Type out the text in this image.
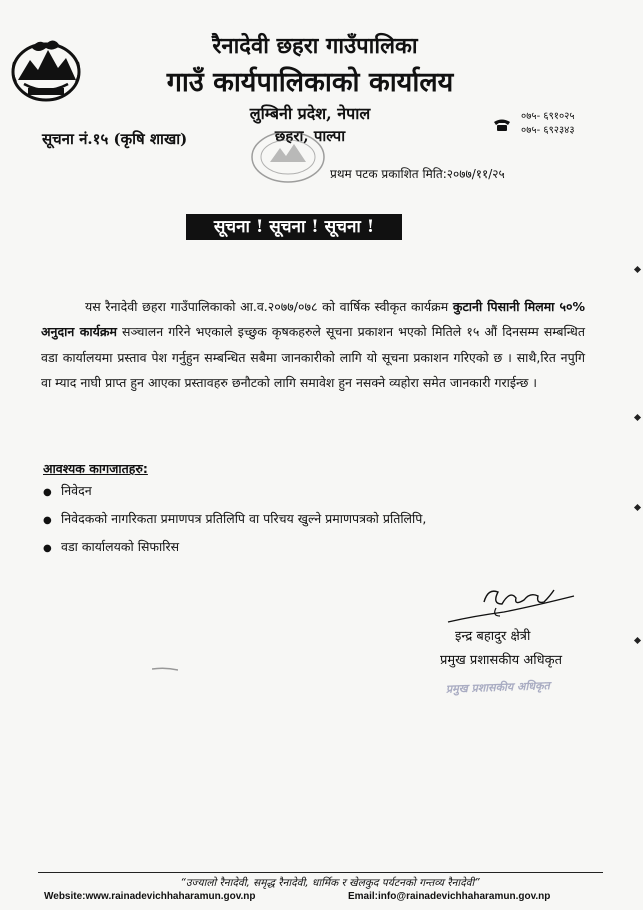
रैनादेवी छहरा गाउँपालिका
गाउँ कार्यपालिकाको कार्यालय
लुम्बिनी प्रदेश, नेपाल
छहरा, पाल्पा
सूचना नं.१५ (कृषि शाखा)
०७५- ६९१०२५
०७५- ६९२३४३
प्रथम पटक प्रकाशित मिति:२०७७/११/२५
सूचना ! सूचना ! सूचना !
यस रैनादेवी छहरा गाउँपालिकाको आ.व.२०७७/०७८ को वार्षिक स्वीकृत कार्यक्रम कुटानी पिसानी मिलमा ५०% अनुदान कार्यक्रम सञ्चालन गरिने भएकाले इच्छुक कृषकहरुले सूचना प्रकाशन भएको मितिले १५ औं दिनसम्म सम्बन्धित वडा कार्यालयमा प्रस्ताव पेश गर्नुहुन सम्बन्धित सबैमा जानकारीको लागि यो सूचना प्रकाशन गरिएको छ । साथै,रित नपुगि वा म्याद नाघी प्राप्त हुन आएका प्रस्तावहरु छनौटको लागि समावेश हुन नसक्ने व्यहोरा समेत जानकारी गराईन्छ ।
आवश्यक कागजातहरु:
● निवेदन
● निवेदकको नागरिकता प्रमाणपत्र प्रतिलिपि वा परिचय खुल्ने प्रमाणपत्रको प्रतिलिपि,
● वडा कार्यालयको सिफारिस
इन्द्र बहादुर क्षेत्री
प्रमुख प्रशासकीय अधिकृत
प्रमुख प्रशासकीय अधिकृत
“उज्यालो रैनादेवी, समृद्ध रैनादेवी, धार्मिक र खेलकुद पर्यटनको गन्तव्य रैनादेवी”
Website:www.rainadevichhaharamun.gov.np	Email:info@rainadevichhaharamun.gov.np
